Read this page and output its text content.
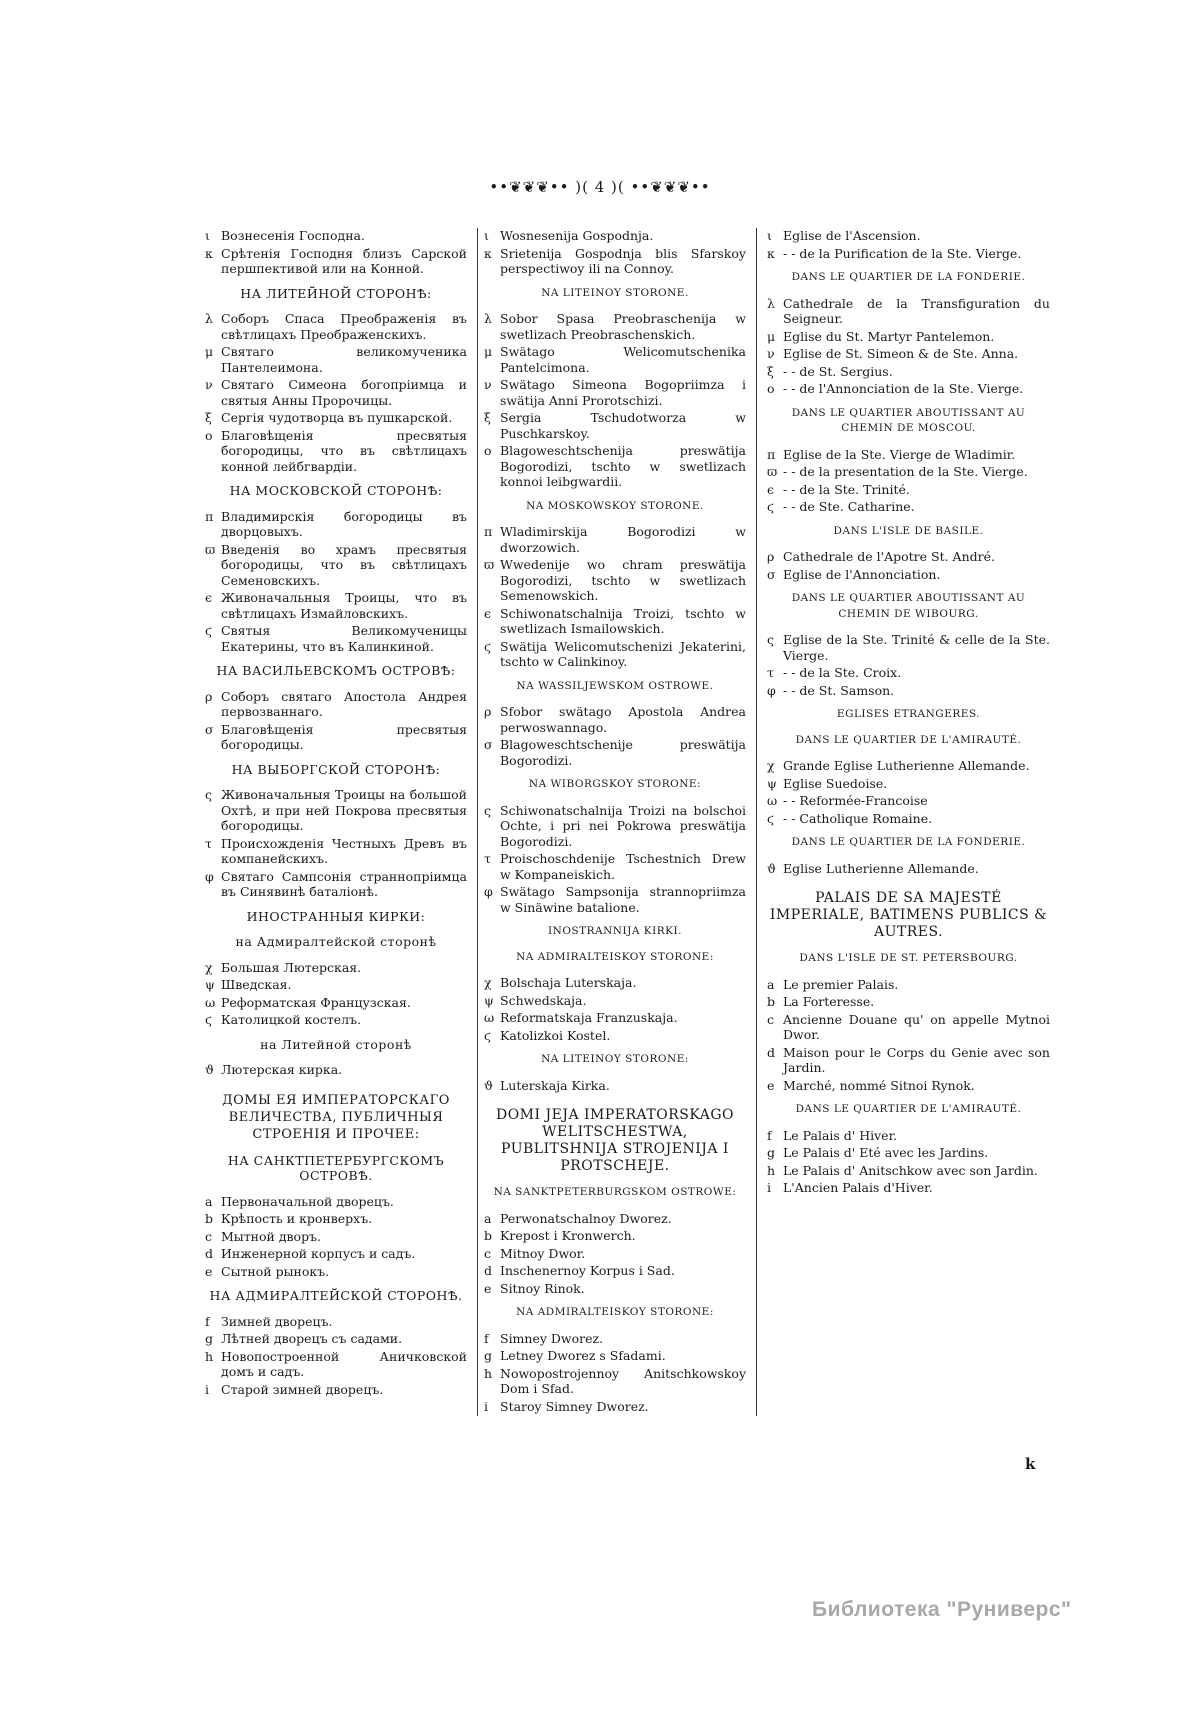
••❦❦❦•• )( 4 )( ••❦❦❦••
ι Вознесенія Господна.
κ Срѣтенія Господня близъ Сарской першпективой или на Конной.
НА ЛИТЕЙНОЙ СТОРОНѢ:
λ Соборъ Спаса Преображенія въ свѣтлицахъ Преображенскихъ.
μ Святаго великомученика Пантелеимона.
ν Святаго Симеона богопріимца и святыя Анны Пророчицы.
ξ Сергія чудотворца въ пушкарской.
ο Благовѣщенія пресвятыя богородицы, что въ свѣтлицахъ конной лейбгвардіи.
НА МОСКОВСКОЙ СТОРОНѢ:
π Владимирскія богородицы въ дворцовыхъ.
ϖ Введенія во храмъ пресвятыя богородицы, что въ свѣтлицахъ Семеновскихъ.
ϵ Живоначальныя Троицы, что въ свѣтлицахъ Измайловскихъ.
ϛ Святыя Великомученицы Екатерины, что въ Калинкиной.
НА ВАСИЛЬЕВСКОМЪ ОСТРОВѢ:
ρ Соборъ святаго Апостола Андрея первозваннаго.
σ Благовѣщенія пресвятыя богородицы.
НА ВЫБОРГСКОЙ СТОРОНѢ:
ς Живоначальныя Троицы на большой Охтѣ, и при ней Покрова пресвятыя богородицы.
τ Происхожденія Честныхъ Древъ въ компанейскихъ.
φ Святаго Сампсонія страннопріимца въ Синявинѣ баталіонѣ.
ИНОСТРАННЫЯ КИРКИ:
на Адмиралтейской сторонѣ
χ Большая Лютерская.
ψ Шведская.
ω Реформатская Французская.
ϛ Католицкой костелъ.
на Литейной сторонѣ
ϑ Лютерская кирка.
ДОМЫ ЕЯ ИМПЕРАТОРСКАГО ВЕЛИЧЕСТВА, ПУБЛИЧНЫЯ СТРОЕНІЯ И ПРОЧЕЕ:
НА САНКТПЕТЕРБУРГСКОМЪ ОСТРОВѢ.
a Первоначальной дворецъ.
b Крѣпость и кронверхъ.
c Мытной дворъ.
d Инженерной корпусъ и садъ.
e Сытной рынокъ.
НА АДМИРАЛТЕЙСКОЙ СТОРОНѢ.
f Зимней дворецъ.
g Лѣтней дворецъ съ садами.
h Новопостроенной Аничковской домъ и садъ.
i Старой зимней дворецъ.
ι Wosnesenija Gospodnja.
κ Srietenija Gospodnja blis Sfarskoy perspectiwoy ili na Connoy.
NA LITEINOY STORONE.
λ Sobor Spasa Preobraschenija w swetlizach Preobraschenskich.
μ Swätago Welicomutschenika Pantelcimona.
ν Swätago Simeona Bogopriimza i swätija Anni Prorotschizi.
ξ Sergia Tschudotworza w Puschkarskoy.
ο Blagoweschtschenija preswätija Bogorodizi, tschto w swetlizach konnoi leibgwardii.
NA MOSKOWSKOY STORONE.
π Wladimirskija Bogorodizi w dworzowich.
ϖ Wwedenije wo chram preswätija Bogorodizi, tschto w swetlizach Semenowskich.
ϵ Schiwonatschalnija Troizi, tschto w swetlizach Ismailowskich.
ϛ Swätija Welicomutschenizi Jekaterini, tschto w Calinkinoy.
NA WASSILJEWSKOM OSTROWE.
ρ Sfobor swätago Apostola Andrea perwoswannago.
σ Blagoweschtschenije preswätija Bogorodizi.
NA WIBORGSKOY STORONE:
ς Schiwonatschalnija Troizi na bolschoi Ochte, i pri nei Pokrowa preswätija Bogorodizi.
τ Proischoschdenije Tschestnich Drew w Kompaneiskich.
φ Swätago Sampsonija strannopriimza w Sinäwine batalione.
INOSTRANNIJA KIRKI.
NA ADMIRALTEISKOY STORONE:
χ Bolschaja Luterskaja.
ψ Schwedskaja.
ω Reformatskaja Franzuskaja.
ϛ Katolizkoi Kostel.
NA LITEINOY STORONE:
ϑ Luterskaja Kirka.
DOMI JEJA IMPERATORSKAGO WELITSCHESTWA, PUBLITSHNIJA STROJENIJA I PROTSCHEJE.
NA SANKTPETERBURGSKOM OSTROWE:
a Perwonatschalnoy Dworez.
b Krepost i Kronwerch.
c Mitnoy Dwor.
d Inschenernoy Korpus i Sad.
e Sitnoy Rinok.
NA ADMIRALTEISKOY STORONE:
f Simney Dworez.
g Letney Dworez s Sfadami.
h Nowopostrojennoy Anitschkowskoy Dom i Sfad.
i Staroy Simney Dworez.
ι Eglise de l'Ascension.
κ - - de la Purification de la Ste. Vierge.
DANS LE QUARTIER DE LA FONDERIE.
λ Cathedrale de la Transfiguration du Seigneur.
μ Eglise du St. Martyr Pantelemon.
ν Eglise de St. Simeon & de Ste. Anna.
ξ - - de St. Sergius.
ο - - de l'Annonciation de la Ste. Vierge.
DANS LE QUARTIER ABOUTISSANT AU CHEMIN DE MOSCOU.
π Eglise de la Ste. Vierge de Wladimir.
ϖ - - de la presentation de la Ste. Vierge.
ϵ - - de la Ste. Trinité.
ϛ - - de Ste. Catharine.
DANS L'ISLE DE BASILE.
ρ Cathedrale de l'Apotre St. André.
σ Eglise de l'Annonciation.
DANS LE QUARTIER ABOUTISSANT AU CHEMIN DE WIBOURG.
ς Eglise de la Ste. Trinité & celle de la Ste. Vierge.
τ - - de la Ste. Croix.
φ - - de St. Samson.
EGLISES ETRANGERES.
DANS LE QUARTIER DE L'AMIRAUTÉ.
χ Grande Eglise Lutherienne Allemande.
ψ Eglise Suedoise.
ω - - Reformée-Francoise
ϛ - - Catholique Romaine.
DANS LE QUARTIER DE LA FONDERIE.
ϑ Eglise Lutherienne Allemande.
PALAIS DE SA MAJESTÉ IMPERIALE, BATIMENS PUBLICS & AUTRES.
DANS L'ISLE DE ST. PETERSBOURG.
a Le premier Palais.
b La Forteresse.
c Ancienne Douane qu' on appelle Mytnoi Dwor.
d Maison pour le Corps du Genie avec son Jardin.
e Marché, nommé Sitnoi Rynok.
DANS LE QUARTIER DE L'AMIRAUTÉ.
f Le Palais d' Hiver.
g Le Palais d' Eté avec les Jardins.
h Le Palais d' Anitschkow avec son Jardin.
i L'Ancien Palais d'Hiver.
k
Библиотека "Руниверс"
